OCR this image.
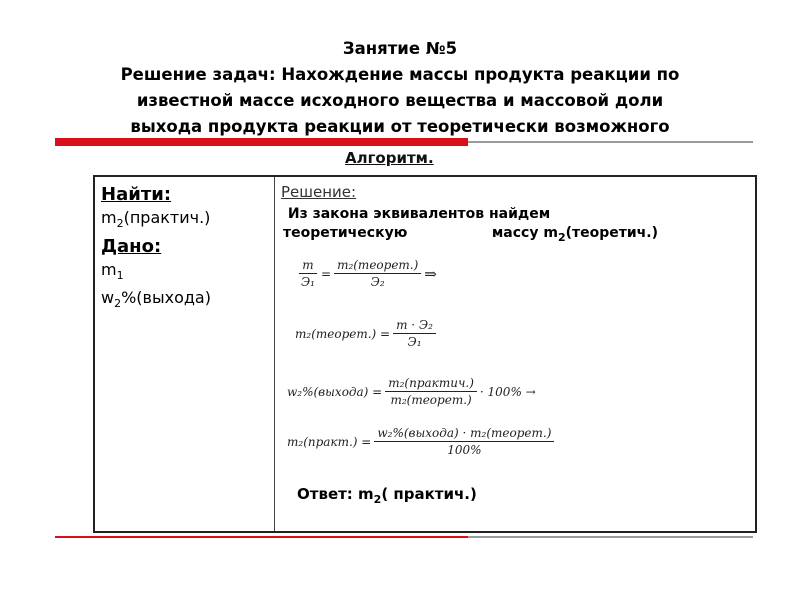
Занятие №5
Решение задач: Нахождение массы продукта реакции по
известной массе исходного вещества и массовой доли
выхода продукта реакции от теоретически возможного
Алгоритм.
Найти:
$m_2(практич.)$
Дано:
$m_1$
$w_2\%(выхода)$
Решение:
Из закона эквивалентов найдем
теоретическую	массу $m_2(теоретич.)$
$\frac{m}{\text{Э₁}} = \frac{\text{m₂(теорет.)}}{\text{Э₂}}$ ⇒
m₂(теорет.) = $\frac{\text{m · Э₂}}{\text{Э₁}}$
w₂%(выхода) = $\frac{\text{m₂(практич.)}}{\text{m₂(теорет.)}} \cdot 100\%$ →
m₂(практ.) = $\frac{\text{w₂\%(выхода) · m₂(теорет.)}}{100\%}$
Ответ: $m_2$( практич.)
